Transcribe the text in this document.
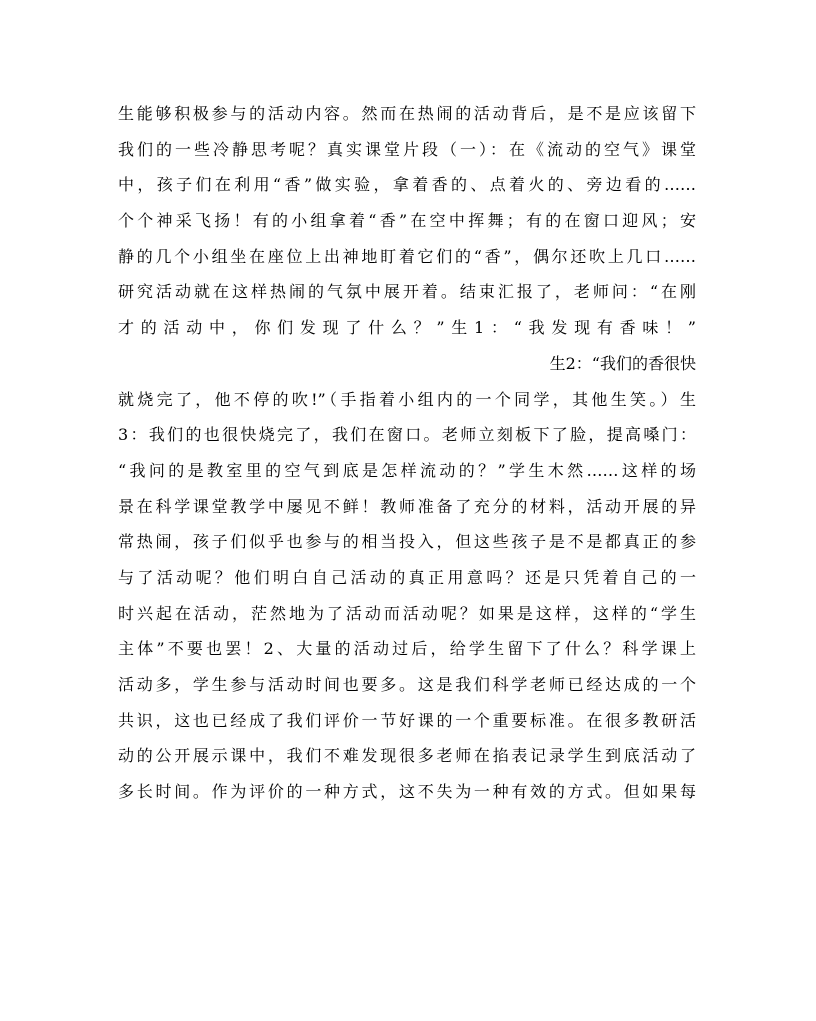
生能够积极参与的活动内容。然而在热闹的活动背后，是不是应该留下
我们的一些冷静思考呢？真实课堂片段（一）：在《流动的空气》课堂
中，孩子们在利用“香”做实验，拿着香的、点着火的、旁边看的……
个个神采飞扬！有的小组拿着“香”在空中挥舞；有的在窗口迎风；安
静的几个小组坐在座位上出神地盯着它们的“香”，偶尔还吹上几口……
研究活动就在这样热闹的气氛中展开着。结束汇报了，老师问：“在刚
才的活动中，你们发现了什么？”生1：“我发现有香味！”
生2：“我们的香很快
就烧完了，他不停的吹!”（手指着小组内的一个同学，其他生笑。）生
3：我们的也很快烧完了，我们在窗口。老师立刻板下了脸，提高嗓门：
“我问的是教室里的空气到底是怎样流动的？”学生木然……这样的场
景在科学课堂教学中屡见不鲜！教师准备了充分的材料，活动开展的异
常热闹，孩子们似乎也参与的相当投入，但这些孩子是不是都真正的参
与了活动呢？他们明白自己活动的真正用意吗？还是只凭着自己的一
时兴起在活动，茫然地为了活动而活动呢？如果是这样，这样的“学生
主体”不要也罢！2、大量的活动过后，给学生留下了什么？科学课上
活动多，学生参与活动时间也要多。这是我们科学老师已经达成的一个
共识，这也已经成了我们评价一节好课的一个重要标准。在很多教研活
动的公开展示课中，我们不难发现很多老师在掐表记录学生到底活动了
多长时间。作为评价的一种方式，这不失为一种有效的方式。但如果每
